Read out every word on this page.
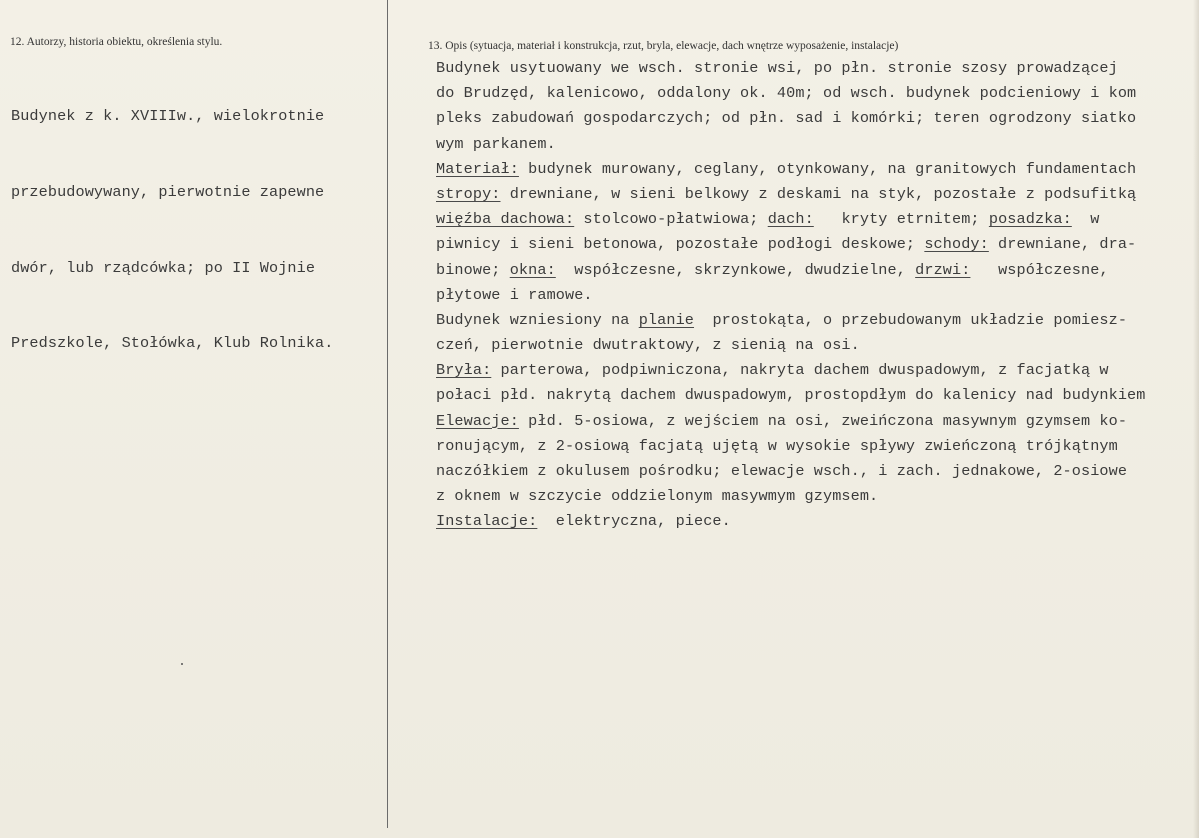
12. Autorzy, historia obiektu, określenia stylu.

Budynek z k. XVIIIw., wielokrotnie

przebudowywany, pierwotnie zapewne

dwór, lub rządcówka; po II Wojnie

Predszkole, Stołówka, Klub Rolnika.

13. Opis (sytuacja, materiał i konstrukcja, rzut, bryla, elewacje, dach wnętrze wyposażenie, instalacje)
Budynek usytuowany we wsch. stronie wsi, po płn. stronie szosy prowadzącej
do Brudzęd, kalenicowo, oddalony ok. 40m; od wsch. budynek podcieniowy i kom
pleks zabudowań gospodarczych; od płn. sad i komórki; teren ogrodzony siatko
wym parkanem.
Materiał: budynek murowany, ceglany, otynkowany, na granitowych fundamentach
stropy: drewniane, w sieni belkowy z deskami na styk, pozostałe z podsufitką
więźba dachowa: stolcowo-płatwiowa; dach:   kryty etrnitem; posadzka:  w
piwnicy i sieni betonowa, pozostałe podłogi deskowe; schody: drewniane, dra-
binowe; okna:  współczesne, skrzynkowe, dwudzielne, drzwi:   współczesne,
płytowe i ramowe.
Budynek wzniesiony na planie  prostokąta, o przebudowanym układzie pomiesz-
czeń, pierwotnie dwutraktowy, z sienią na osi.
Bryła: parterowa, podpiwniczona, nakryta dachem dwuspadowym, z facjatką w
połaci płd. nakrytą dachem dwuspadowym, prostopdłym do kalenicy nad budynkiem
Elewacje: płd. 5-osiowa, z wejściem na osi, zweińczona masywnym gzymsem ko-
ronującym, z 2-osiową facjatą ujętą w wysokie spływy zwieńczoną trójkątnym
naczółkiem z okulusem pośrodku; elewacje wsch., i zach. jednakowe, 2-osiowe
z oknem w szczycie oddzielonym masywmym gzymsem.
Instalacje:  elektryczna, piece.
